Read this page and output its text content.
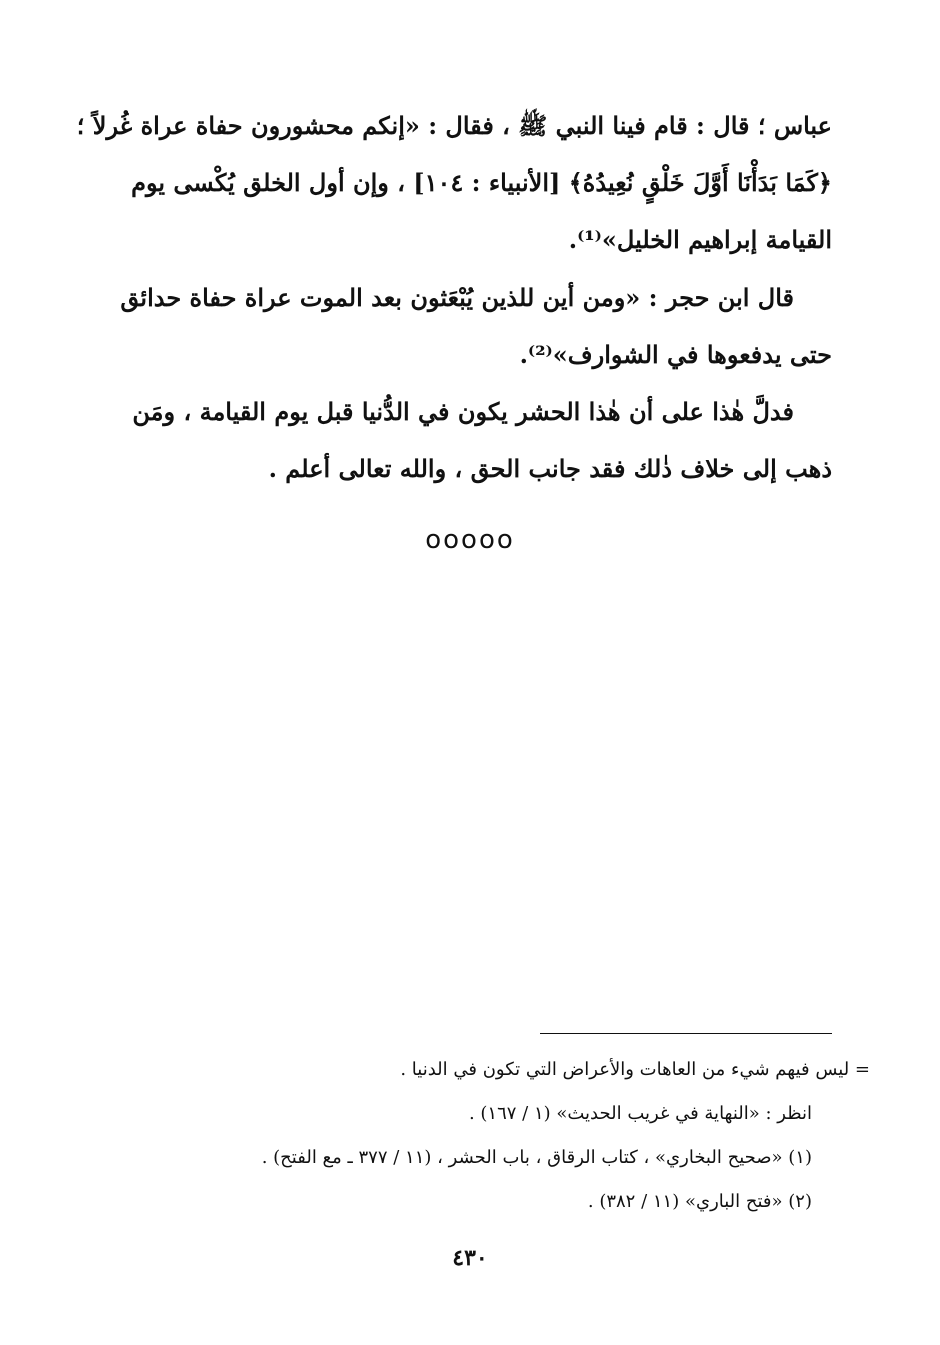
عباس ؛ قال : قام فينا النبي ﷺ ، فقال : «إنكم محشورون حفاة عراة غُرلاً ؛
﴿كَمَا بَدَأْنَا أَوَّلَ خَلْقٍ نُعِيدُهُ﴾ [الأنبياء : ١٠٤] ، وإن أول الخلق يُكْسى يوم
القيامة إبراهيم الخليل»⁽¹⁾.
قال ابن حجر : «ومن أين للذين يُبْعَثون بعد الموت عراة حفاة حدائق
حتى يدفعوها في الشوارف»⁽²⁾.
فدلَّ هٰذا على أن هٰذا الحشر يكون في الدُّنيا قبل يوم القيامة ، ومَن
ذهب إلى خلاف ذٰلك فقد جانب الحق ، والله تعالى أعلم .
ooooo
= ليس فيهم شيء من العاهات والأعراض التي تكون في الدنيا .
انظر : «النهاية في غريب الحديث» (١ / ١٦٧) .
(١) «صحيح البخاري» ، كتاب الرقاق ، باب الحشر ، (١١ / ٣٧٧ ـ مع الفتح) .
(٢) «فتح الباري» (١١ / ٣٨٢) .
٤٣٠
